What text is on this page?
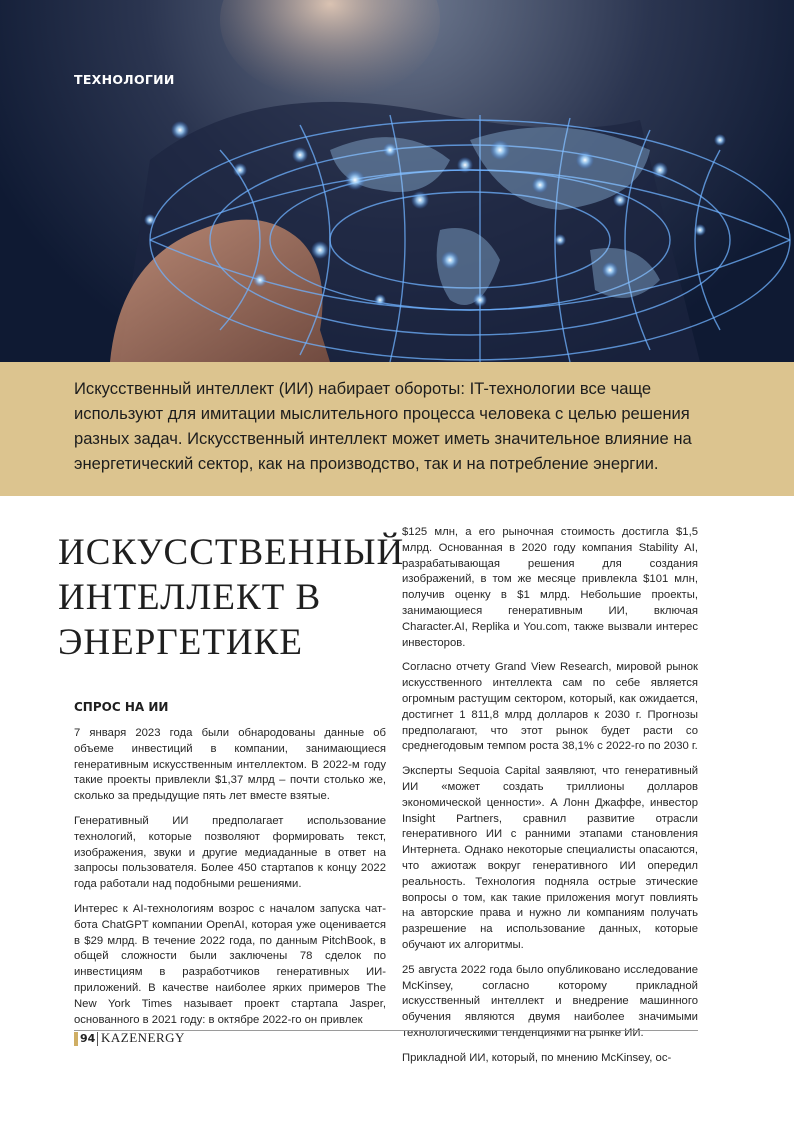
ТЕХНОЛОГИИ

Искусственный интеллект (ИИ) набирает обороты: IT-технологии все чаще используют для имитации мыслительного процесса человека с целью решения разных задач. Искусственный интеллект может иметь значительное влияние на энергетический сектор, как на производство, так и на потребление энергии.

ИСКУССТВЕННЫЙ
ИНТЕЛЛЕКТ В
ЭНЕРГЕТИКЕ
СПРОС НА ИИ

7 января 2023 года были обнародованы данные об объеме инвестиций в компании, занимающиеся генеративным искусственным интеллектом. В 2022-м году такие проекты привлекли $1,37 млрд – почти столько же, сколько за предыдущие пять лет вместе взятые.

Генеративный ИИ предполагает использование технологий, которые позволяют формировать текст, изображения, звуки и другие медиаданные в ответ на запросы пользователя. Более 450 стартапов к концу 2022 года работали над подобными решениями.

Интерес к AI-технологиям возрос с началом запуска чат-бота ChatGPT компании OpenAI, которая уже оценивается в $29 млрд. В течение 2022 года, по данным PitchBook, в общей сложности были заключены 78 сделок по инвестициям в разработчиков генеративных ИИ-приложений. В качестве наиболее ярких примеров The New York Times называет проект стартапа Jasper, основанного в 2021 году: в октябре 2022-го он привлек

$125 млн, а его рыночная стоимость достигла $1,5 млрд. Основанная в 2020 году компания Stability AI, разрабатывающая решения для создания изображений, в том же месяце привлекла $101 млн, получив оценку в $1 млрд. Небольшие проекты, занимающиеся генеративным ИИ, включая Character.AI, Replika и You.com, также вызвали интерес инвесторов.

Согласно отчету Grand View Research, мировой рынок искусственного интеллекта сам по себе является огромным растущим сектором, который, как ожидается, достигнет 1 811,8 млрд долларов к 2030 г. Прогнозы предполагают, что этот рынок будет расти со среднегодовым темпом роста 38,1% с 2022-го по 2030 г.

Эксперты Sequoia Capital заявляют, что генеративный ИИ «может создать триллионы долларов экономической ценности». А Лонн Джаффе, инвестор Insight Partners, сравнил развитие отрасли генеративного ИИ с ранними этапами становления Интернета. Однако некоторые специалисты опасаются, что ажиотаж вокруг генеративного ИИ опередил реальность. Технология подняла острые этические вопросы о том, как такие приложения могут повлиять на авторские права и нужно ли компаниям получать разрешение на использование данных, которые обучают их алгоритмы.

25 августа 2022 года было опубликовано исследование McKinsey, согласно которому прикладной искусственный интеллект и внедрение машинного обучения являются двумя наиболее значимыми технологическими тенденциями на рынке ИИ.

Прикладной ИИ, который, по мнению McKinsey, ос-

94 KAZENERGY
